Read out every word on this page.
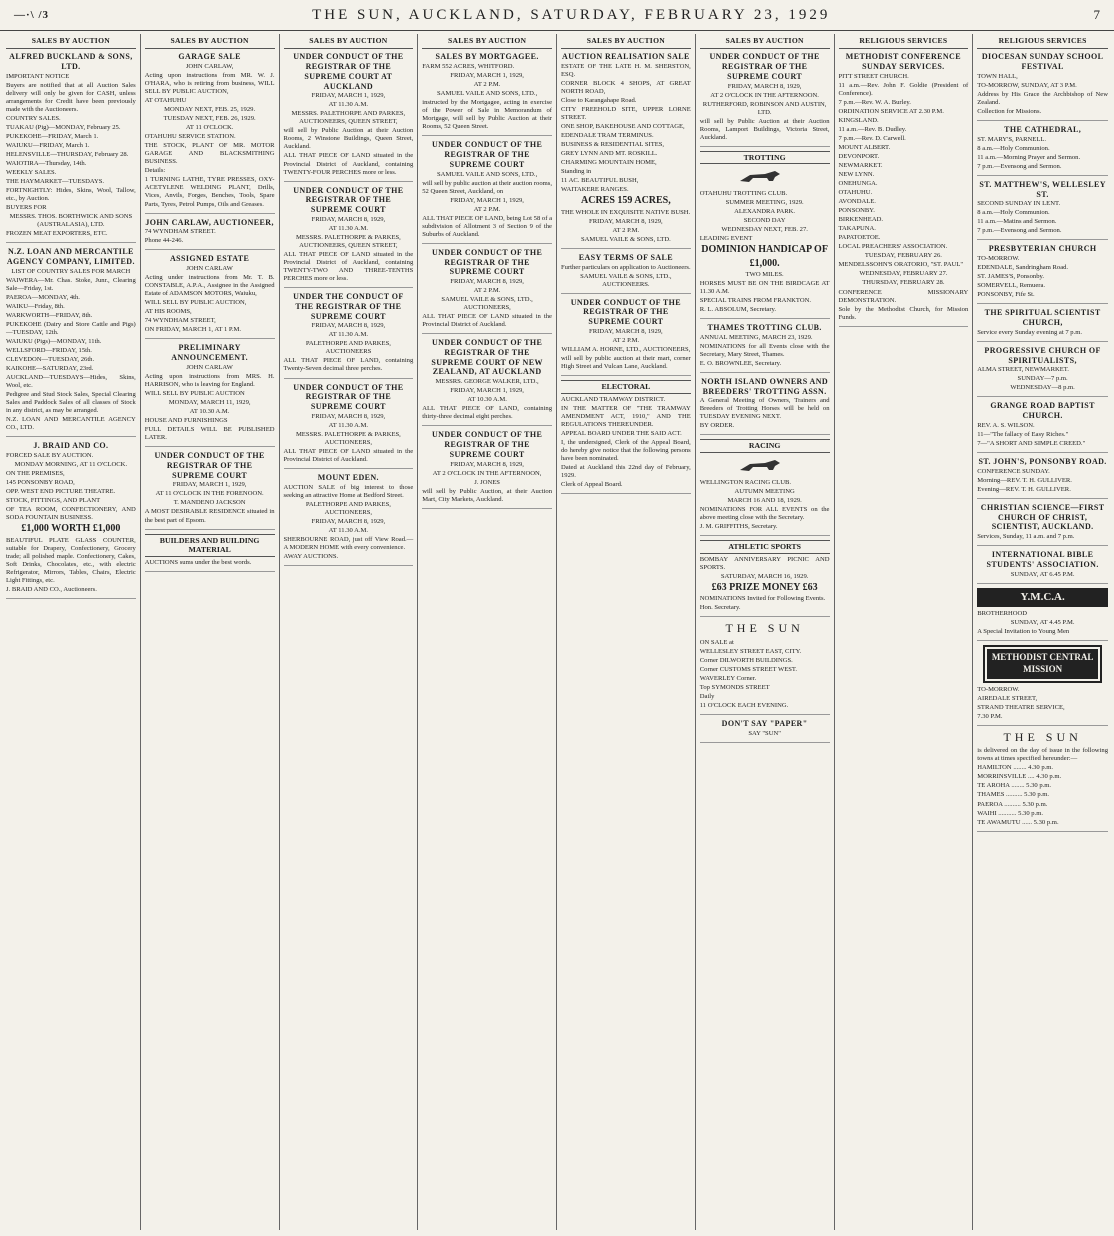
—·\ /3	THE SUN, AUCKLAND, SATURDAY, FEBRUARY 23, 1929	7
SALES BY AUCTION
ALFRED BUCKLAND & SONS, LTD.

IMPORTANT NOTICE

Buyers are notified that at all Auction Sales delivery will only be given for CASH, unless arrangements for Credit have been previously made with the Auctioneers.

COUNTRY SALES.

TUAKAU (Pig)—MONDAY, February 25.

PUKEKOHE—FRIDAY, March 1.

WAIUKU—FRIDAY, March 1.

HELENSVILLE—THURSDAY, February 28.

WAIOTIRA—Thursday, 14th.

WEEKLY SALES.

THE HAYMARKET—TUESDAYS.

FORTNIGHTLY: Hides, Skins, Wool, Tallow, etc., by Auction.

BUYERS FOR

MESSRS. THOS. BORTHWICK AND SONS (AUSTRALASIA), LTD.

FROZEN MEAT EXPORTERS, ETC.

N.Z. LOAN AND MERCANTILE AGENCY COMPANY, LIMITED.

LIST OF COUNTRY SALES FOR MARCH

WAIWERA—Mr. Chas. Stoke, Junr., Clearing Sale—Friday, 1st.

PAEROA—MONDAY, 4th.

WAIKU—Friday, 8th.

WARKWORTH—FRIDAY, 8th.

PUKEKOHE (Dairy and Store Cattle and Pigs)—TUESDAY, 12th.

WAIUKU (Pigs)—MONDAY, 11th.

WELLSFORD—FRIDAY, 15th.

CLEVEDON—TUESDAY, 26th.

KAIKOHE—SATURDAY, 23rd.

AUCKLAND—TUESDAYS—Hides, Skins, Wool, etc.

Pedigree and Stud Stock Sales, Special Clearing Sales and Paddock Sales of all classes of Stock in any district, as may be arranged.

N.Z. LOAN AND MERCANTILE AGENCY CO., LTD.

J. BRAID AND CO.

FORCED SALE BY AUCTION.

MONDAY MORNING, AT 11 O'CLOCK.

ON THE PREMISES,

145 PONSONBY ROAD,

OPP. WEST END PICTURE THEATRE.

STOCK, FITTINGS, AND PLANT

OF TEA ROOM, CONFECTIONERY, AND SODA FOUNTAIN BUSINESS.

£1,000 WORTH £1,000

BEAUTIFUL PLATE GLASS COUNTER, suitable for Drapery, Confectionery, Grocery trade; all polished maple. Confectionery, Cakes, Soft Drinks, Chocolates, etc., with electric Refrigerator, Mirrors, Tables, Chairs, Electric Light Fittings, etc.

J. BRAID AND CO., Auctioneers.

SALES BY AUCTION
GARAGE SALE

JOHN CARLAW,

Acting upon instructions from MR. W. J. O'HARA, who is retiring from business, WILL SELL BY PUBLIC AUCTION,

AT OTAHUHU

MONDAY NEXT, FEB. 25, 1929.

TUESDAY NEXT, FEB. 26, 1929.

AT 11 O'CLOCK.

OTAHUHU SERVICE STATION.

THE STOCK, PLANT OF MR. MOTOR GARAGE AND BLACKSMITHING BUSINESS.

Details:

1 TURNING LATHE, TYRE PRESSES, OXY-ACETYLENE WELDING PLANT, Drills, Vices, Anvils, Forges, Benches, Tools, Spare Parts, Tyres, Petrol Pumps, Oils and Greases.

JOHN CARLAW, AUCTIONEER,

74 WYNDHAM STREET.

Phone 44-246.

ASSIGNED ESTATE

JOHN CARLAW

Acting under instructions from Mr. T. B. CONSTABLE, A.P.A., Assignee in the Assigned Estate of ADAMSON MOTORS, Waiuku,

WILL SELL BY PUBLIC AUCTION,

AT HIS ROOMS,

74 WYNDHAM STREET,

ON FRIDAY, MARCH 1, AT 1 P.M.

PRELIMINARY ANNOUNCEMENT.

JOHN CARLAW

Acting upon instructions from MRS. H. HARRISON, who is leaving for England.

WILL SELL BY PUBLIC AUCTION

MONDAY, MARCH 11, 1929,

AT 10.30 A.M.

HOUSE AND FURNISHINGS

FULL DETAILS WILL BE PUBLISHED LATER.

UNDER CONDUCT OF THE REGISTRAR OF THE SUPREME COURT

FRIDAY, MARCH 1, 1929,

AT 11 O'CLOCK IN THE FORENOON.

T. MANDENO JACKSON

A MOST DESIRABLE RESIDENCE situated in the best part of Epsom.

BUILDERS AND BUILDING MATERIAL

AUCTIONS sums under the best words.

SALES BY AUCTION
UNDER CONDUCT OF THE REGISTRAR OF THE SUPREME COURT AT AUCKLAND

FRIDAY, MARCH 1, 1929,

AT 11.30 A.M.

MESSRS. PALETHORPE AND PARKES, AUCTIONEERS, QUEEN STREET,

will sell by Public Auction at their Auction Rooms, 2 Winstone Buildings, Queen Street, Auckland.

ALL THAT PIECE OF LAND situated in the Provincial District of Auckland, containing TWENTY-FOUR PERCHES more or less.

UNDER CONDUCT OF THE REGISTRAR OF THE SUPREME COURT

FRIDAY, MARCH 8, 1929,

AT 11.30 A.M.

MESSRS. PALETHORPE & PARKES, AUCTIONEERS, QUEEN STREET,

ALL THAT PIECE OF LAND situated in the Provincial District of Auckland, containing TWENTY-TWO AND THREE-TENTHS PERCHES more or less.

UNDER THE CONDUCT OF THE REGISTRAR OF THE SUPREME COURT

FRIDAY, MARCH 8, 1929,

AT 11.30 A.M.

PALETHORPE AND PARKES, AUCTIONEERS

ALL THAT PIECE OF LAND, containing Twenty-Seven decimal three perches.

UNDER CONDUCT OF THE REGISTRAR OF THE SUPREME COURT

FRIDAY, MARCH 8, 1929,

AT 11.30 A.M.

MESSRS. PALETHORPE & PARKES, AUCTIONEERS,

ALL THAT PIECE OF LAND situated in the Provincial District of Auckland.

MOUNT EDEN.

AUCTION SALE of big interest to those seeking an attractive Home at Bedford Street.

PALETHORPE AND PARKES, AUCTIONEERS,

FRIDAY, MARCH 8, 1929,

AT 11.30 A.M.

SHERBOURNE ROAD, just off View Road.—A MODERN HOME with every convenience.

AWAY AUCTIONS.

SALES BY AUCTION
SALES BY MORTGAGEE.

FARM 552 ACRES, WHITFORD.

FRIDAY, MARCH 1, 1929,

AT 2 P.M.

SAMUEL VAILE AND SONS, LTD.,

instructed by the Mortgagee, acting in exercise of the Power of Sale in Memorandum of Mortgage, will sell by Public Auction at their Rooms, 52 Queen Street.

UNDER CONDUCT OF THE REGISTRAR OF THE SUPREME COURT

SAMUEL VAILE AND SONS, LTD.,

will sell by public auction at their auction rooms, 52 Queen Street, Auckland, on

FRIDAY, MARCH 1, 1929,

AT 2 P.M.

ALL THAT PIECE OF LAND, being Lot 58 of a subdivision of Allotment 3 of Section 9 of the Suburbs of Auckland.

UNDER CONDUCT OF THE REGISTRAR OF THE SUPREME COURT

FRIDAY, MARCH 8, 1929,

AT 2 P.M.

SAMUEL VAILE & SONS, LTD., AUCTIONEERS,

ALL THAT PIECE OF LAND situated in the Provincial District of Auckland.

UNDER CONDUCT OF THE REGISTRAR OF THE SUPREME COURT OF NEW ZEALAND, AT AUCKLAND

MESSRS. GEORGE WALKER, LTD.,

FRIDAY, MARCH 1, 1929,

AT 10.30 A.M.

ALL THAT PIECE OF LAND, containing thirty-three decimal eight perches.

UNDER CONDUCT OF THE REGISTRAR OF THE SUPREME COURT

FRIDAY, MARCH 8, 1929,

AT 2 O'CLOCK IN THE AFTERNOON,

J. JONES

will sell by Public Auction, at their Auction Mart, City Markets, Auckland.

SALES BY AUCTION
AUCTION REALISATION SALE

ESTATE OF THE LATE H. M. SHERSTON, ESQ.

CORNER BLOCK 4 SHOPS, AT GREAT NORTH ROAD,

Close to Karangahape Road.

CITY FREEHOLD SITE, UPPER LORNE STREET.

ONE SHOP, BAKEHOUSE AND COTTAGE,

EDENDALE TRAM TERMINUS.

BUSINESS & RESIDENTIAL SITES,

GREY LYNN AND MT. ROSKILL.

CHARMING MOUNTAIN HOME,

Standing in

11 AC. BEAUTIFUL BUSH,

WAITAKERE RANGES.

ACRES 159 ACRES,

THE WHOLE IN EXQUISITE NATIVE BUSH.

FRIDAY, MARCH 8, 1929,

AT 2 P.M.

SAMUEL VAILE & SONS, LTD.

EASY TERMS OF SALE

Further particulars on application to Auctioneers.

SAMUEL VAILE & SONS, LTD., AUCTIONEERS.

UNDER CONDUCT OF THE REGISTRAR OF THE SUPREME COURT

FRIDAY, MARCH 8, 1929,

AT 2 P.M.

WILLIAM A. HORNE, LTD., AUCTIONEERS,

will sell by public auction at their mart, corner High Street and Vulcan Lane, Auckland.

ELECTORAL

AUCKLAND TRAMWAY DISTRICT.

IN THE MATTER OF "THE TRAMWAY AMENDMENT ACT, 1910," AND THE REGULATIONS THEREUNDER.

APPEAL BOARD UNDER THE SAID ACT.

I, the undersigned, Clerk of the Appeal Board, do hereby give notice that the following persons have been nominated.

Dated at Auckland this 22nd day of February, 1929.

Clerk of Appeal Board.

SALES BY AUCTION
UNDER CONDUCT OF THE REGISTRAR OF THE SUPREME COURT

FRIDAY, MARCH 8, 1929,

AT 2 O'CLOCK IN THE AFTERNOON.

RUTHERFORD, ROBINSON AND AUSTIN, LTD.

will sell by Public Auction at their Auction Rooms, Lamport Buildings, Victoria Street, Auckland.

TROTTING

OTAHUHU TROTTING CLUB.

SUMMER MEETING, 1929.

ALEXANDRA PARK.

SECOND DAY

WEDNESDAY NEXT, FEB. 27.

LEADING EVENT

DOMINION HANDICAP OF

£1,000.

TWO MILES.

HORSES MUST BE ON THE BIRDCAGE AT 11.30 A.M.

SPECIAL TRAINS FROM FRANKTON.

R. L. ABSOLUM, Secretary.

THAMES TROTTING CLUB.

ANNUAL MEETING, MARCH 23, 1929.

NOMINATIONS for all Events close with the Secretary, Mary Street, Thames.

E. O. BROWNLEE, Secretary.

NORTH ISLAND OWNERS AND BREEDERS' TROTTING ASSN.

A General Meeting of Owners, Trainers and Breeders of Trotting Horses will be held on TUESDAY EVENING NEXT.

BY ORDER.

RACING

WELLINGTON RACING CLUB.

AUTUMN MEETING

MARCH 16 AND 18, 1929.

NOMINATIONS FOR ALL EVENTS on the above meeting close with the Secretary.

J. M. GRIFFITHS, Secretary.

ATHLETIC SPORTS

BOMBAY ANNIVERSARY PICNIC AND SPORTS.

SATURDAY, MARCH 16, 1929.

£63 PRIZE MONEY £63

NOMINATIONS Invited for Following Events.

Hon. Secretary.

THE SUN

ON SALE at

WELLESLEY STREET EAST, CITY.

Corner DILWORTH BUILDINGS.

Corner CUSTOMS STREET WEST.

WAVERLEY Corner.

Top SYMONDS STREET

Daily

11 O'CLOCK EACH EVENING.

DON'T SAY "PAPER"

SAY "SUN"

RELIGIOUS SERVICES
METHODIST CONFERENCE SUNDAY SERVICES.

PITT STREET CHURCH.

11 a.m.—Rev. John F. Goldie (President of Conference).

7 p.m.—Rev. W. A. Burley.

ORDINATION SERVICE AT 2.30 P.M.

KINGSLAND.

11 a.m.—Rev. B. Dudley.

7 p.m.—Rev. D. Carwell.

MOUNT ALBERT.

DEVONPORT.

NEWMARKET.

NEW LYNN.

ONEHUNGA.

OTAHUHU.

AVONDALE.

PONSONBY.

BIRKENHEAD.

TAKAPUNA.

PAPATOETOE.

LOCAL PREACHERS' ASSOCIATION.

TUESDAY, FEBRUARY 26.

MENDELSSOHN'S ORATORIO, "ST. PAUL"

WEDNESDAY, FEBRUARY 27.

THURSDAY, FEBRUARY 28.

CONFERENCE MISSIONARY DEMONSTRATION.

Sole by the Methodist Church, for Mission Funds.

RELIGIOUS SERVICES
DIOCESAN SUNDAY SCHOOL FESTIVAL

TOWN HALL,

TO-MORROW, SUNDAY, AT 3 P.M.

Address by His Grace the Archbishop of New Zealand.

Collection for Missions.

THE CATHEDRAL,

ST. MARY'S, PARNELL.

8 a.m.—Holy Communion.

11 a.m.—Morning Prayer and Sermon.

7 p.m.—Evensong and Sermon.

ST. MATTHEW'S, WELLESLEY ST.

SECOND SUNDAY IN LENT.

8 a.m.—Holy Communion.

11 a.m.—Matins and Sermon.

7 p.m.—Evensong and Sermon.

PRESBYTERIAN CHURCH

TO-MORROW.

EDENDALE, Sandringham Road.

ST. JAMES'S, Ponsonby.

SOMERVELL, Remuera.

PONSONBY, Fife St.

THE SPIRITUAL SCIENTIST CHURCH,

Service every Sunday evening at 7 p.m.

PROGRESSIVE CHURCH OF SPIRITUALISTS,

ALMA STREET, NEWMARKET.

SUNDAY—7 p.m.

WEDNESDAY—8 p.m.

GRANGE ROAD BAPTIST CHURCH.

REV. A. S. WILSON.

11—"The fallacy of Easy Riches."

7—"A SHORT AND SIMPLE CREED."

ST. JOHN'S, PONSONBY ROAD.

CONFERENCE SUNDAY.

Morning—REV. T. H. GULLIVER.

Evening—REV. T. H. GULLIVER.

CHRISTIAN SCIENCE—FIRST CHURCH OF CHRIST, SCIENTIST, AUCKLAND.

Services, Sunday, 11 a.m. and 7 p.m.

INTERNATIONAL BIBLE STUDENTS' ASSOCIATION.

SUNDAY, AT 6.45 P.M.

Y.M.C.A.

BROTHERHOOD

SUNDAY, AT 4.45 P.M.

A Special Invitation to Young Men

METHODIST CENTRAL MISSION

TO-MORROW.

AIREDALE STREET,

STRAND THEATRE SERVICE,

7.30 P.M.

THE SUN

is delivered on the day of issue in the following towns at times specified hereunder:—

HAMILTON ........ 4.30 p.m.

MORRINSVILLE .... 4.30 p.m.

TE AROHA ........ 5.30 p.m.

THAMES .......... 5.30 p.m.

PAEROA .......... 5.30 p.m.

WAIHI ........... 5.30 p.m.

TE AWAMUTU ...... 5.30 p.m.
